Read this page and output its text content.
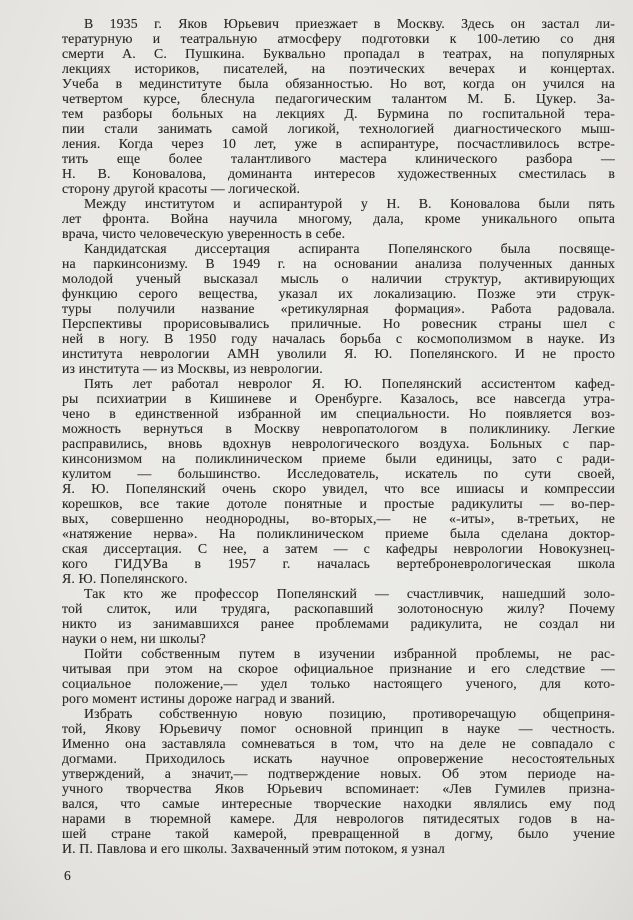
В 1935 г. Яков Юрьевич приезжает в Москву. Здесь он застал ли-
тературную и театральную атмосферу подготовки к 100-летию со дня
смерти А. С. Пушкина. Буквально пропадал в театрах, на популярных
лекциях историков, писателей, на поэтических вечерах и концертах.
Учеба в мединституте была обязанностью. Но вот, когда он учился на
четвертом курсе, блеснула педагогическим талантом М. Б. Цукер. За-
тем разборы больных на лекциях Д. Бурмина по госпитальной тера-
пии стали занимать самой логикой, технологией диагностического мыш-
ления. Когда через 10 лет, уже в аспирантуре, посчастливилось встре-
тить еще более талантливого мастера клинического разбора —
Н. В. Коновалова, доминанта интересов художественных сместилась в
сторону другой красоты — логической.
Между институтом и аспирантурой у Н. В. Коновалова были пять
лет фронта. Война научила многому, дала, кроме уникального опыта
врача, чисто человеческую уверенность в себе.
Кандидатская диссертация аспиранта Попелянского была посвяще-
на паркинсонизму. В 1949 г. на основании анализа полученных данных
молодой ученый высказал мысль о наличии структур, активирующих
функцию серого вещества, указал их локализацию. Позже эти струк-
туры получили название «ретикулярная формация». Работа радовала.
Перспективы прорисовывались приличные. Но ровесник страны шел с
ней в ногу. В 1950 году началась борьба с космополизмом в науке. Из
института неврологии АМН уволили Я. Ю. Попелянского. И не просто
из института — из Москвы, из неврологии.
Пять лет работал невролог Я. Ю. Попелянский ассистентом кафед-
ры психиатрии в Кишиневе и Оренбурге. Казалось, все навсегда утра-
чено в единственной избранной им специальности. Но появляется воз-
можность вернуться в Москву невропатологом в поликлинику. Легкие
расправились, вновь вдохнув неврологического воздуха. Больных с пар-
кинсонизмом на поликлиническом приеме были единицы, зато с ради-
кулитом — большинство. Исследователь, искатель по сути своей,
Я. Ю. Попелянский очень скоро увидел, что все ишиасы и компрессии
корешков, все такие дотоле понятные и простые радикулиты — во-пер-
вых, совершенно неоднородны, во-вторых,— не «-иты», в-третьих, не
«натяжение нерва». На поликлиническом приеме была сделана доктор-
ская диссертация. С нее, а затем — с кафедры неврологии Новокузнец-
кого ГИДУВа в 1957 г. началась вертеброневрологическая школа
Я. Ю. Попелянского.
Так кто же профессор Попелянский — счастливчик, нашедший золо-
той слиток, или трудяга, раскопавший золотоносную жилу? Почему
никто из занимавшихся ранее проблемами радикулита, не создал ни
науки о нем, ни школы?
Пойти собственным путем в изучении избранной проблемы, не рас-
читывая при этом на скорое официальное признание и его следствие —
социальное положение,— удел только настоящего ученого, для кото-
рого момент истины дороже наград и званий.
Избрать собственную новую позицию, противоречащую общеприня-
той, Якову Юрьевичу помог основной принцип в науке — честность.
Именно она заставляла сомневаться в том, что на деле не совпадало с
догмами. Приходилось искать научное опровержение несостоятельных
утверждений, а значит,— подтверждение новых. Об этом периоде на-
учного творчества Яков Юрьевич вспоминает: «Лев Гумилев призна-
вался, что самые интересные творческие находки являлись ему под
нарами в тюремной камере. Для неврологов пятидесятых годов в на-
шей стране такой камерой, превращенной в догму, было учение
И. П. Павлова и его школы. Захваченный этим потоком, я узнал
6
